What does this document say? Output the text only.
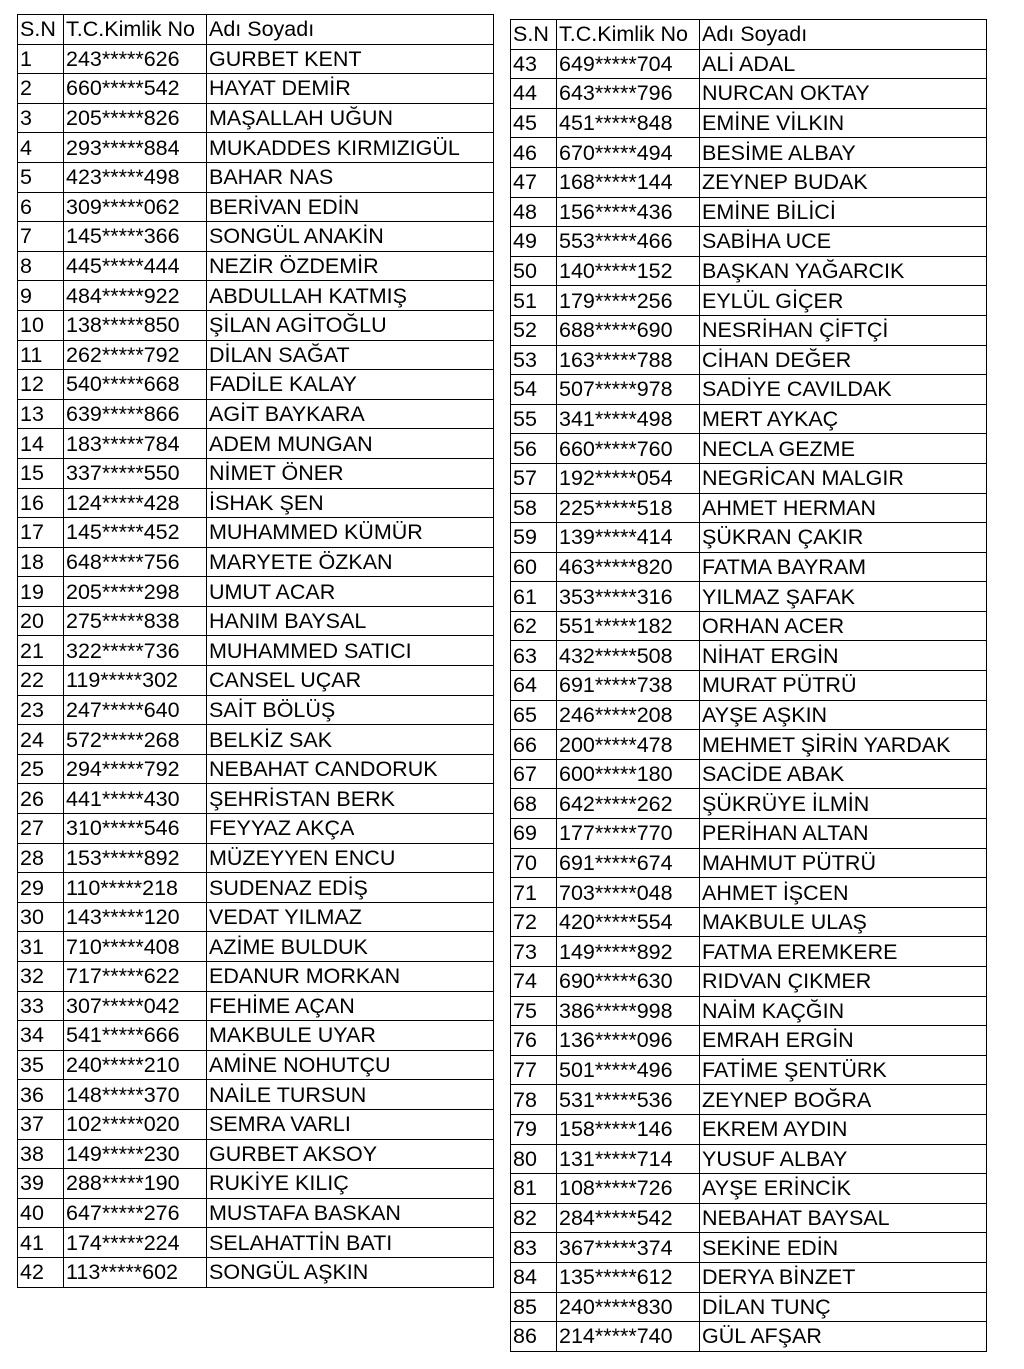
S.N	T.C.Kimlik No	Adı Soyadı
1	243*****626	GURBET KENT
2	660*****542	HAYAT DEMİR
3	205*****826	MAŞALLAH UĞUN
4	293*****884	MUKADDES KIRMIZIGÜL
5	423*****498	BAHAR NAS
6	309*****062	BERİVAN EDİN
7	145*****366	SONGÜL ANAKİN
8	445*****444	NEZİR ÖZDEMİR
9	484*****922	ABDULLAH KATMIŞ
10	138*****850	ŞİLAN AGİTOĞLU
11	262*****792	DİLAN SAĞAT
12	540*****668	FADİLE KALAY
13	639*****866	AGİT BAYKARA
14	183*****784	ADEM MUNGAN
15	337*****550	NİMET ÖNER
16	124*****428	İSHAK ŞEN
17	145*****452	MUHAMMED KÜMÜR
18	648*****756	MARYETE ÖZKAN
19	205*****298	UMUT ACAR
20	275*****838	HANIM BAYSAL
21	322*****736	MUHAMMED SATICI
22	119*****302	CANSEL UÇAR
23	247*****640	SAİT BÖLÜŞ
24	572*****268	BELKİZ SAK
25	294*****792	NEBAHAT CANDORUK
26	441*****430	ŞEHRİSTAN BERK
27	310*****546	FEYYAZ AKÇA
28	153*****892	MÜZEYYEN ENCU
29	110*****218	SUDENAZ EDİŞ
30	143*****120	VEDAT YILMAZ
31	710*****408	AZİME BULDUK
32	717*****622	EDANUR MORKAN
33	307*****042	FEHİME AÇAN
34	541*****666	MAKBULE UYAR
35	240*****210	AMİNE NOHUTÇU
36	148*****370	NAİLE TURSUN
37	102*****020	SEMRA VARLI
38	149*****230	GURBET AKSOY
39	288*****190	RUKİYE KILIÇ
40	647*****276	MUSTAFA BASKAN
41	174*****224	SELAHATTİN BATI
42	113*****602	SONGÜL AŞKIN
S.N	T.C.Kimlik No	Adı Soyadı
43	649*****704	ALİ ADAL
44	643*****796	NURCAN OKTAY
45	451*****848	EMİNE VİLKIN
46	670*****494	BESİME ALBAY
47	168*****144	ZEYNEP BUDAK
48	156*****436	EMİNE BİLİCİ
49	553*****466	SABİHA UCE
50	140*****152	BAŞKAN YAĞARCIK
51	179*****256	EYLÜL GİÇER
52	688*****690	NESRİHAN ÇİFTÇİ
53	163*****788	CİHAN DEĞER
54	507*****978	SADİYE CAVILDAK
55	341*****498	MERT AYKAÇ
56	660*****760	NECLA GEZME
57	192*****054	NEGRİCAN MALGIR
58	225*****518	AHMET HERMAN
59	139*****414	ŞÜKRAN ÇAKIR
60	463*****820	FATMA BAYRAM
61	353*****316	YILMAZ ŞAFAK
62	551*****182	ORHAN ACER
63	432*****508	NİHAT ERGİN
64	691*****738	MURAT PÜTRÜ
65	246*****208	AYŞE AŞKIN
66	200*****478	MEHMET ŞİRİN YARDAK
67	600*****180	SACİDE ABAK
68	642*****262	ŞÜKRÜYE İLMİN
69	177*****770	PERİHAN ALTAN
70	691*****674	MAHMUT PÜTRÜ
71	703*****048	AHMET İŞCEN
72	420*****554	MAKBULE ULAŞ
73	149*****892	FATMA EREMKERE
74	690*****630	RIDVAN ÇIKMER
75	386*****998	NAİM KAÇĞIN
76	136*****096	EMRAH ERGİN
77	501*****496	FATİME ŞENTÜRK
78	531*****536	ZEYNEP BOĞRA
79	158*****146	EKREM AYDIN
80	131*****714	YUSUF ALBAY
81	108*****726	AYŞE ERİNCİK
82	284*****542	NEBAHAT BAYSAL
83	367*****374	SEKİNE EDİN
84	135*****612	DERYA BİNZET
85	240*****830	DİLAN TUNÇ
86	214*****740	GÜL AFŞAR
